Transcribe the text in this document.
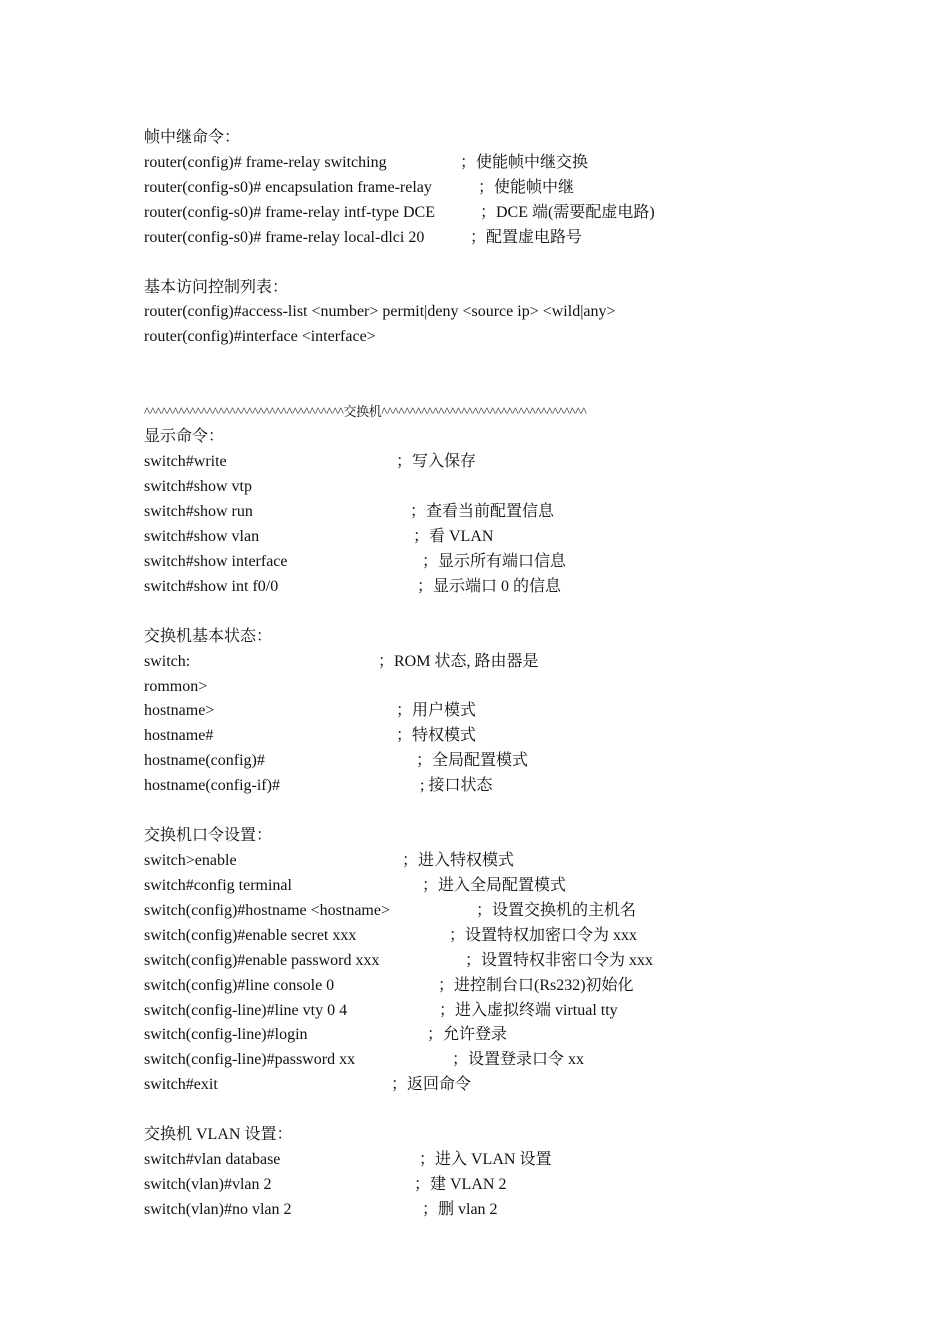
帧中继命令：
router(config)# frame-relay switching	；使能帧中继交换
router(config-s0)# encapsulation frame-relay	；使能帧中继
router(config-s0)# frame-relay intf-type DCE	；DCE 端(需要配虚电路)
router(config-s0)# frame-relay local-dlci 20	；配置虚电路号
基本访问控制列表：
router(config)#access-list <number> permit|deny <source ip> <wild|any>
router(config)#interface <interface>
^^^^^^^^^^^^^^^^^^^^^^^^^^^^^^^^^^^交换机^^^^^^^^^^^^^^^^^^^^^^^^^^^^^^^^^^^^
显示命令：
switch#write	；写入保存
switch#show vtp
switch#show run	；查看当前配置信息
switch#show vlan	；看 VLAN
switch#show interface	；显示所有端口信息
switch#show int f0/0	；显示端口 0 的信息
交换机基本状态：
switch:	；ROM 状态, 路由器是
rommon>
hostname>	；用户模式
hostname#	；特权模式
hostname(config)#	；全局配置模式
hostname(config-if)#	; 接口状态
交换机口令设置：
switch>enable	；进入特权模式
switch#config terminal	；进入全局配置模式
switch(config)#hostname <hostname>	；设置交换机的主机名
switch(config)#enable secret xxx	；设置特权加密口令为 xxx
switch(config)#enable password xxx	；设置特权非密口令为 xxx
switch(config)#line console 0	；进控制台口(Rs232)初始化
switch(config-line)#line vty 0 4	；进入虚拟终端 virtual tty
switch(config-line)#login	；允许登录
switch(config-line)#password xx	；设置登录口令 xx
switch#exit	；返回命令
交换机 VLAN 设置：
switch#vlan database	；进入 VLAN 设置
switch(vlan)#vlan 2	；建 VLAN 2
switch(vlan)#no vlan 2	；删 vlan 2
